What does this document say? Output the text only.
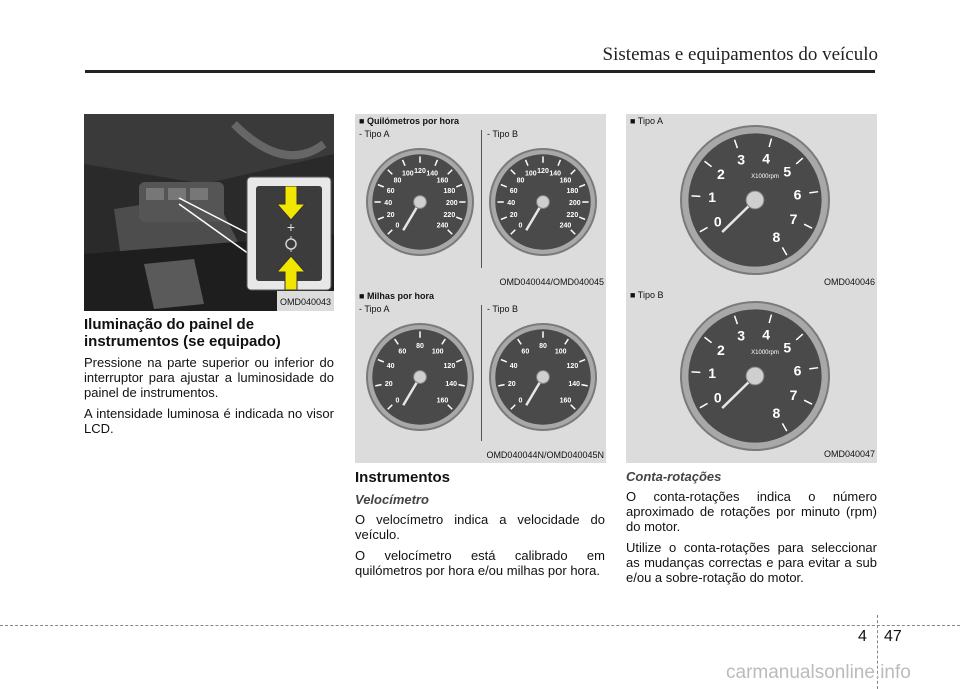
Sistemas e equipamentos do veículo
+
OMD040043
Iluminação do painel de instrumentos (se equipado)

Pressione na parte superior ou inferior do interruptor para ajustar a luminosidade do painel de instrumentos.

A intensidade luminosa é indicada no visor LCD.

■ Quilómetros por hora
- Tipo A	- Tipo B
0
20
40
60
80
100 120 140
160
180
200
220
240	0
20
40
60
80
100 120 140
160
180
200
220
240
OMD040044/OMD040045
■ Milhas por hora
- Tipo A	- Tipo B
0
20
40
60
80
100
120
140
160	0
20
40
60
80
100
120
140
160
OMD040044N/OMD040045N
Instrumentos

Velocímetro

O velocímetro indica a velocidade do veículo.

O velocímetro está calibrado em quilómetros por hora e/ou milhas por hora.

■ Tipo A
0
1
2
3 4
5
6
7
8
X1000rpm
OMD040046
■ Tipo B
0
1
2
3 4
5
6
7
8
X1000rpm
OMD040047

Conta-rotações

O conta-rotações indica o número aproximado de rotações por minuto (rpm) do motor.

Utilize o conta-rotações para seleccionar as mudanças correctas e para evitar a sub e/ou a sobre-rotação do motor.

4 47
carmanualsonline.info
